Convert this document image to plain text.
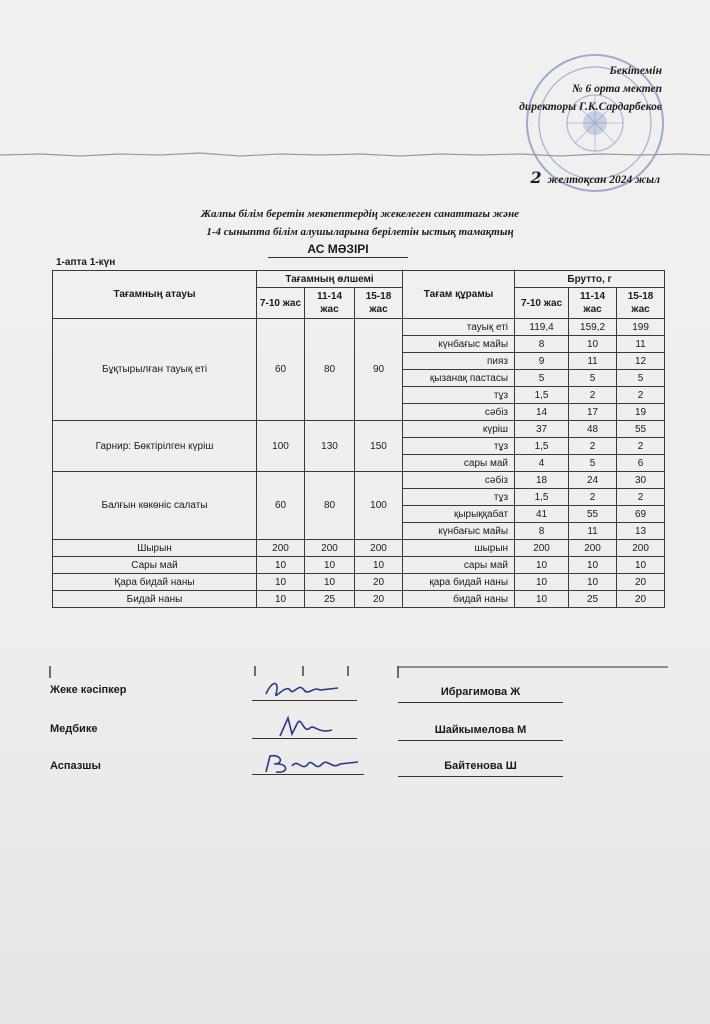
Бекітемін
№ 6 орта мектеп
директоры Г.К.Сардарбеков
2 желтоқсан 2024 жыл
Жалпы білім беретін мектептердің жекелеген санаттағы және
1-4 сыныпта білім алушыларына берілетін ыстық тамақтың
АС МӘЗІРІ
1-апта 1-күн
Тағамның атауы	Тағамның өлшемі			Тағам құрамы	Брутто, г		
	7-10 жас	11-14 жас	15-18 жас		7-10 жас	11-14 жас	15-18 жас
Бұқтырылған тауық еті	60	80	90	тауық еті	119,4	159,2	199
				күнбағыс майы	8	10	11
				пияз	9	11	12
				қызанақ пастасы	5	5	5
				тұз	1,5	2	2
				сәбіз	14	17	19
Гарнир: Бөктірілген күріш	100	130	150	күріш	37	48	55
				тұз	1,5	2	2
				сары май	4	5	6
Балғын көкөніс салаты	60	80	100	сәбіз	18	24	30
				тұз	1,5	2	2
				қырыққабат	41	55	69
				күнбағыс майы	8	11	13
Шырын	200	200	200	шырын	200	200	200
Сары май	10	10	10	сары май	10	10	10
Қара бидай наны	10	10	20	қара бидай наны	10	10	20
Бидай наны	10	25	20	бидай наны	10	25	20
Жеке кәсіпкер	Ибрагимова Ж
Медбике	Шайкымелова М
Аспазшы	Байтенова Ш
